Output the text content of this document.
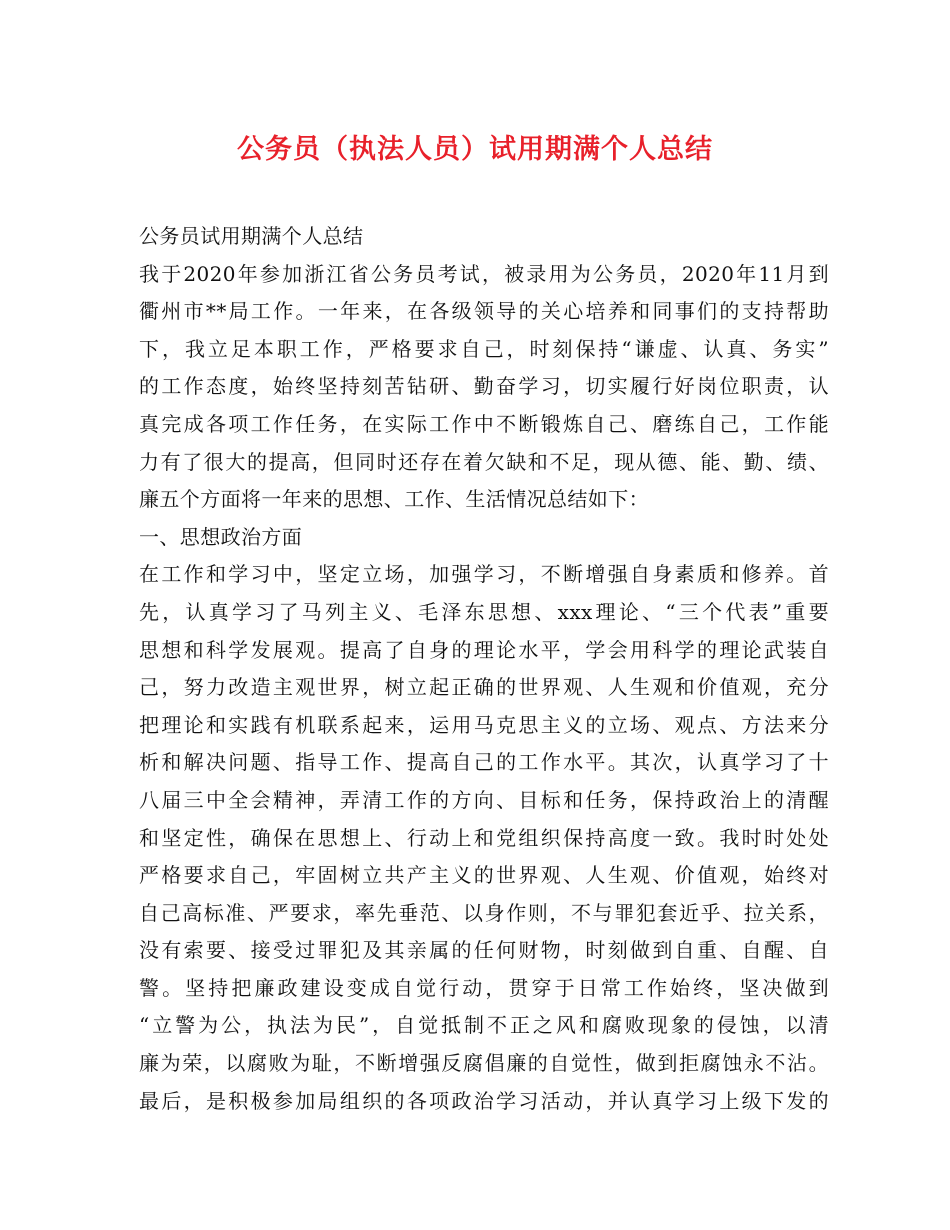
公务员（执法人员）试用期满个人总结
公务员试用期满个人总结
我于2020年参加浙江省公务员考试，被录用为公务员，2020年11月到
衢州市**局工作。一年来，在各级领导的关心培养和同事们的支持帮助
下，我立足本职工作，严格要求自己，时刻保持“谦虚、认真、务实”
的工作态度，始终坚持刻苦钻研、勤奋学习，切实履行好岗位职责，认
真完成各项工作任务，在实际工作中不断锻炼自己、磨练自己，工作能
力有了很大的提高，但同时还存在着欠缺和不足，现从德、能、勤、绩、
廉五个方面将一年来的思想、工作、生活情况总结如下：
一、思想政治方面
在工作和学习中，坚定立场，加强学习，不断增强自身素质和修养。首
先，认真学习了马列主义、毛泽东思想、xxx理论、“三个代表”重要
思想和科学发展观。提高了自身的理论水平，学会用科学的理论武装自
己，努力改造主观世界，树立起正确的世界观、人生观和价值观，充分
把理论和实践有机联系起来，运用马克思主义的立场、观点、方法来分
析和解决问题、指导工作、提高自己的工作水平。其次，认真学习了十
八届三中全会精神，弄清工作的方向、目标和任务，保持政治上的清醒
和坚定性，确保在思想上、行动上和党组织保持高度一致。我时时处处
严格要求自己，牢固树立共产主义的世界观、人生观、价值观，始终对
自己高标准、严要求，率先垂范、以身作则，不与罪犯套近乎、拉关系，
没有索要、接受过罪犯及其亲属的任何财物，时刻做到自重、自醒、自
警。坚持把廉政建设变成自觉行动，贯穿于日常工作始终，坚决做到
“立警为公，执法为民”，自觉抵制不正之风和腐败现象的侵蚀，以清
廉为荣，以腐败为耻，不断增强反腐倡廉的自觉性，做到拒腐蚀永不沾。
最后，是积极参加局组织的各项政治学习活动，并认真学习上级下发的
